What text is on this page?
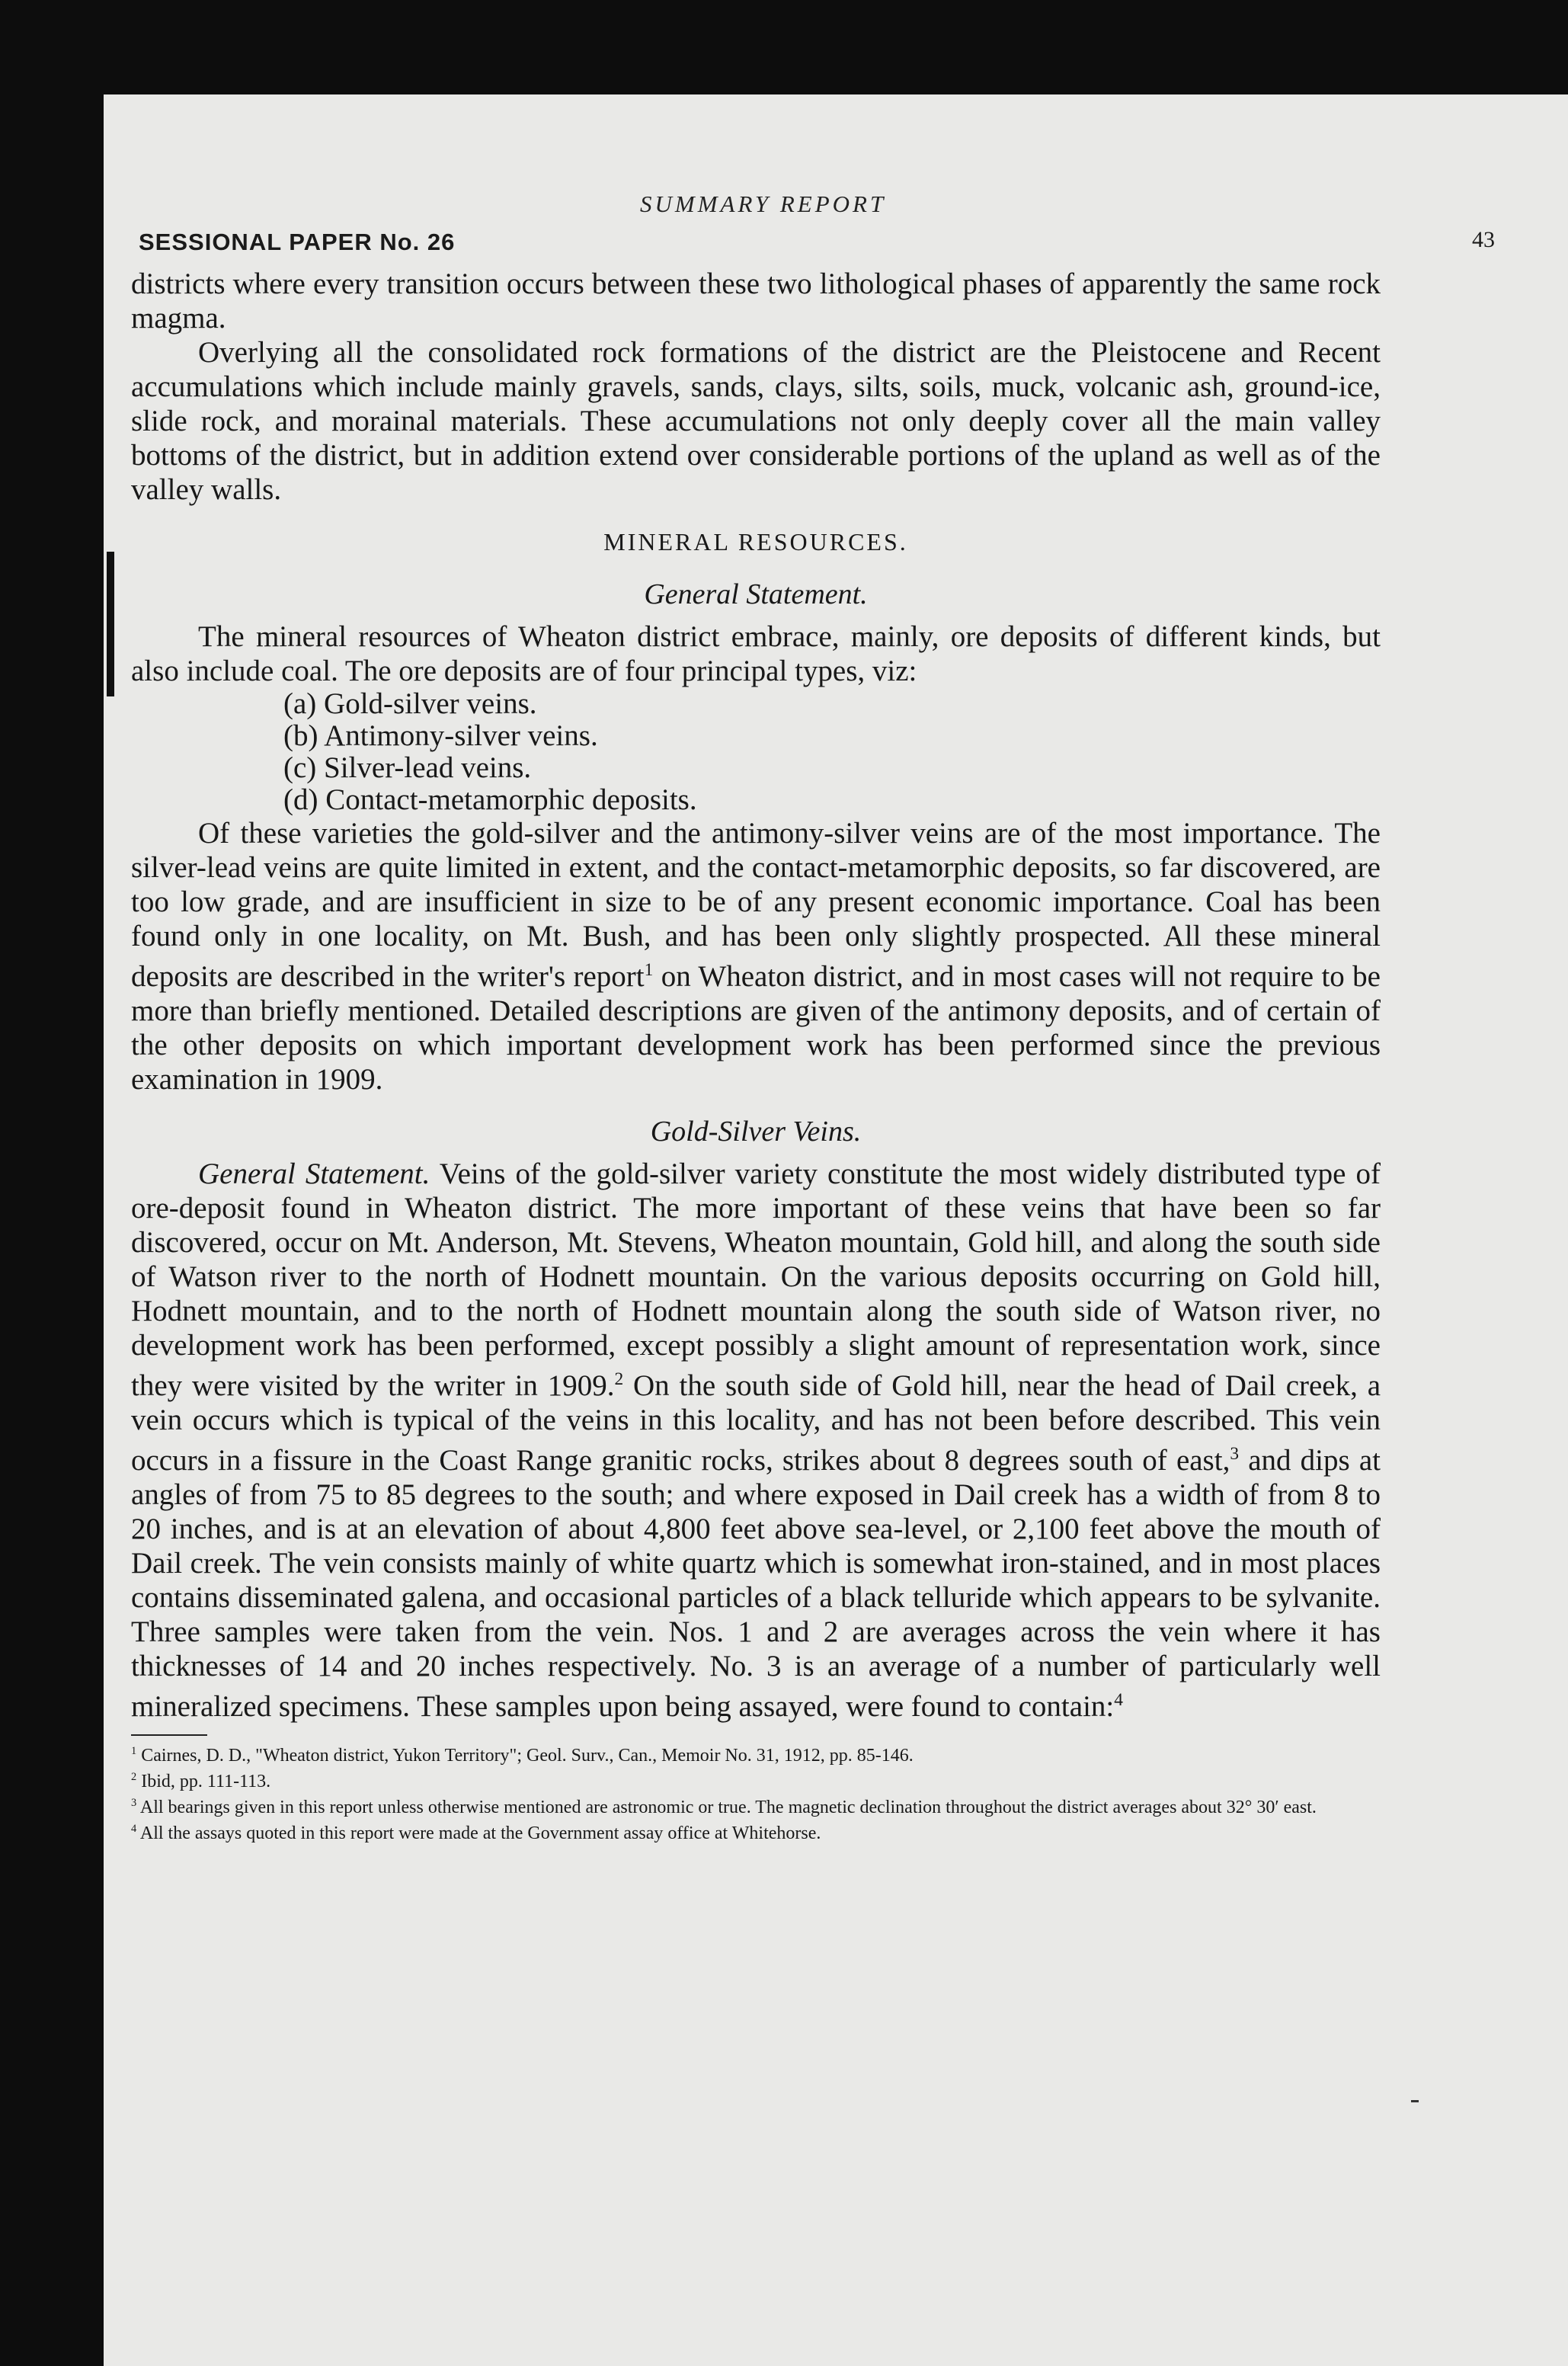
SUMMARY REPORT
SESSIONAL PAPER No. 26	43

districts where every transition occurs between these two lithological phases of apparently the same rock magma.

Overlying all the consolidated rock formations of the district are the Pleistocene and Recent accumulations which include mainly gravels, sands, clays, silts, soils, muck, volcanic ash, ground-ice, slide rock, and morainal materials. These accumulations not only deeply cover all the main valley bottoms of the district, but in addition extend over considerable portions of the upland as well as of the valley walls.

MINERAL RESOURCES.
General Statement.

The mineral resources of Wheaton district embrace, mainly, ore deposits of different kinds, but also include coal. The ore deposits are of four principal types, viz:

(a) Gold-silver veins.
(b) Antimony-silver veins.
(c) Silver-lead veins.
(d) Contact-metamorphic deposits.

Of these varieties the gold-silver and the antimony-silver veins are of the most importance. The silver-lead veins are quite limited in extent, and the contact-metamorphic deposits, so far discovered, are too low grade, and are insufficient in size to be of any present economic importance. Coal has been found only in one locality, on Mt. Bush, and has been only slightly prospected. All these mineral deposits are described in the writer's report$^1$ on Wheaton district, and in most cases will not require to be more than briefly mentioned. Detailed descriptions are given of the antimony deposits, and of certain of the other deposits on which important development work has been performed since the previous examination in 1909.

Gold-Silver Veins.

General Statement. Veins of the gold-silver variety constitute the most widely distributed type of ore-deposit found in Wheaton district. The more important of these veins that have been so far discovered, occur on Mt. Anderson, Mt. Stevens, Wheaton mountain, Gold hill, and along the south side of Watson river to the north of Hodnett mountain. On the various deposits occurring on Gold hill, Hodnett mountain, and to the north of Hodnett mountain along the south side of Watson river, no development work has been performed, except possibly a slight amount of representation work, since they were visited by the writer in 1909.$^2$ On the south side of Gold hill, near the head of Dail creek, a vein occurs which is typical of the veins in this locality, and has not been before described. This vein occurs in a fissure in the Coast Range granitic rocks, strikes about 8 degrees south of east,$^3$ and dips at angles of from 75 to 85 degrees to the south; and where exposed in Dail creek has a width of from 8 to 20 inches, and is at an elevation of about 4,800 feet above sea-level, or 2,100 feet above the mouth of Dail creek. The vein consists mainly of white quartz which is somewhat iron-stained, and in most places contains disseminated galena, and occasional particles of a black telluride which appears to be sylvanite. Three samples were taken from the vein. Nos. 1 and 2 are averages across the vein where it has thicknesses of 14 and 20 inches respectively. No. 3 is an average of a number of particularly well mineralized specimens. These samples upon being assayed, were found to contain:$^4$

$^1$ Cairnes, D. D., "Wheaton district, Yukon Territory"; Geol. Surv., Can., Memoir No. 31, 1912, pp. 85-146.
$^2$ Ibid, pp. 111-113.
$^3$ All bearings given in this report unless otherwise mentioned are astronomic or true. The magnetic declination throughout the district averages about 32° 30′ east.
$^4$ All the assays quoted in this report were made at the Government assay office at Whitehorse.
